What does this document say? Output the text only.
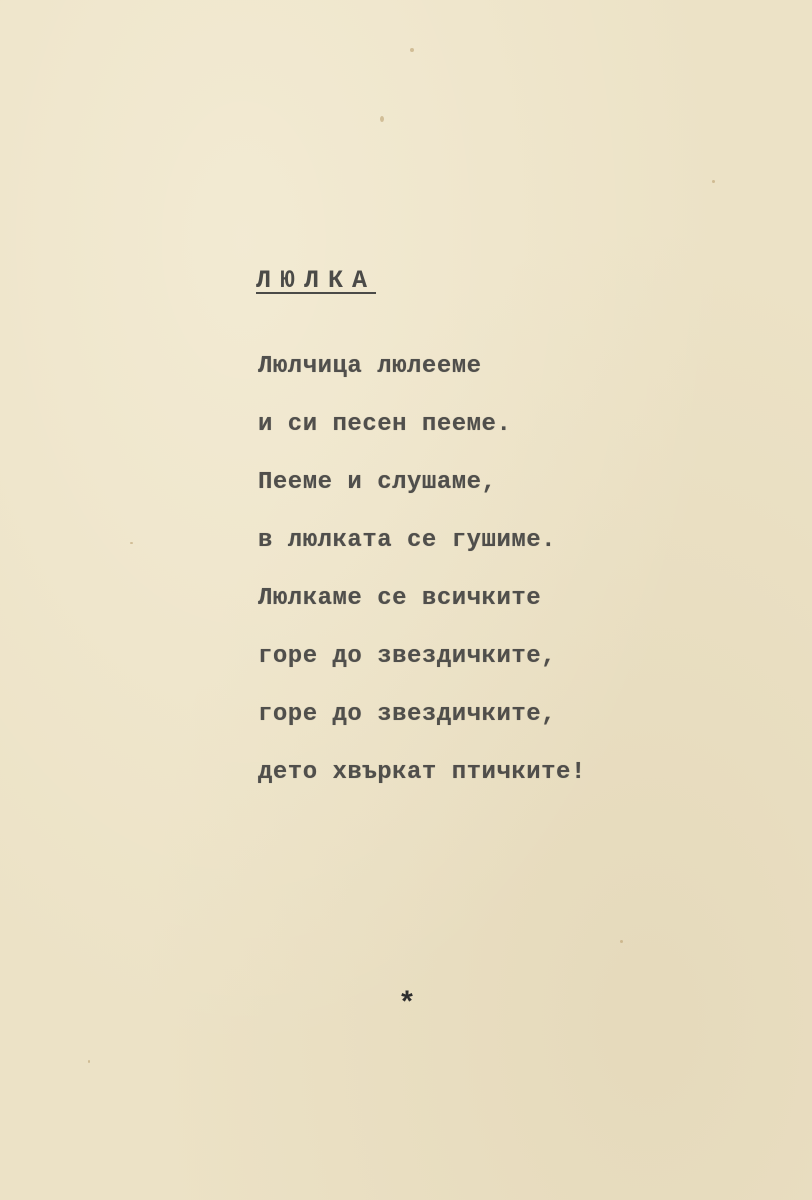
ЛЮЛКА
Люлчица люлееме
и си песен пееме.
Пееме и слушаме,
в люлката се гушиме.
Люлкаме се всичките
горе до звездичките,
горе до звездичките,
дето хвъркат птичките!
*
